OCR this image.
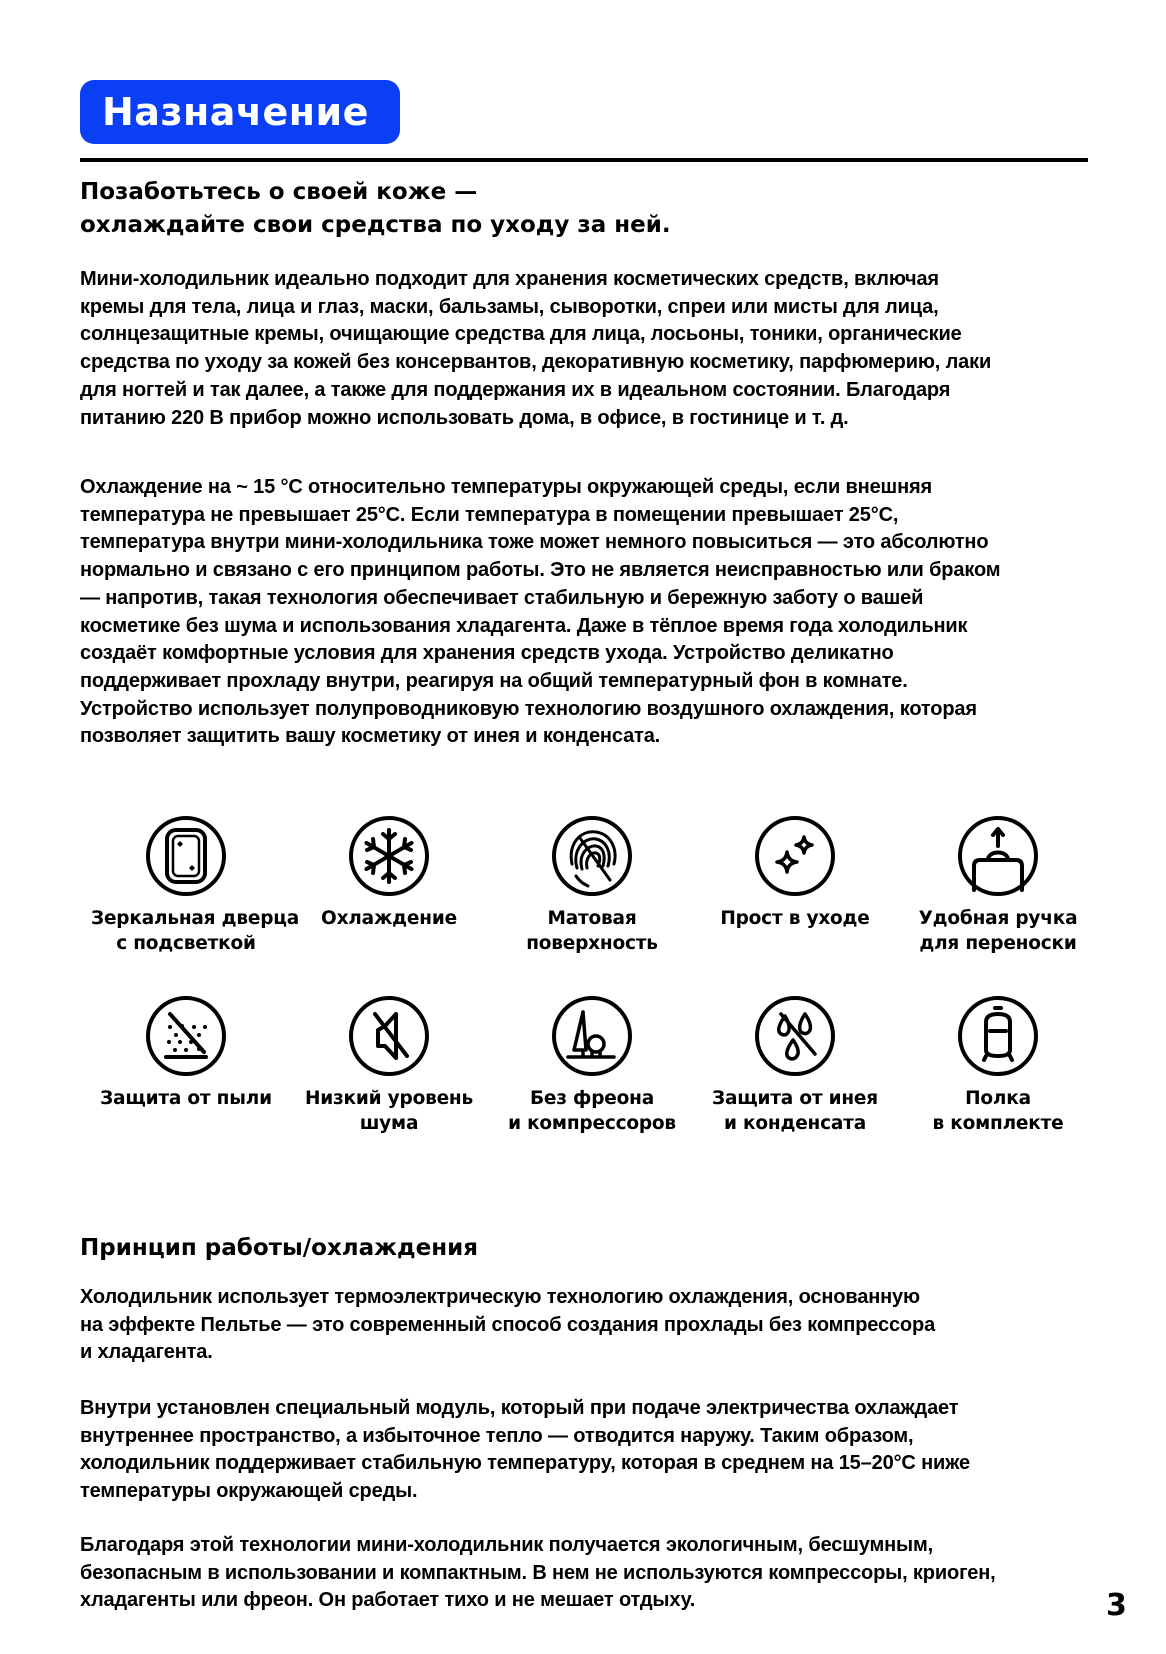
Назначение
Позаботьтесь о своей коже —
охлаждайте свои средства по уходу за ней.
Мини-холодильник идеально подходит для хранения косметических средств, включая
кремы для тела, лица и глаз, маски, бальзамы, сыворотки, спреи или мисты для лица,
солнцезащитные кремы, очищающие средства для лица, лосьоны, тоники, органические
средства по уходу за кожей без консервантов, декоративную косметику, парфюмерию, лаки
для ногтей и так далее, а также для поддержания их в идеальном состоянии. Благодаря
питанию 220 В прибор можно использовать дома, в офисе, в гостинице и т. д.
Охлаждение на ~ 15 °С относительно температуры окружающей среды, если внешняя
температура не превышает 25°С. Если температура в помещении превышает 25°С,
температура внутри мини-холодильника тоже может немного повыситься — это абсолютно
нормально и связано с его принципом работы. Это не является неисправностью или браком
— напротив, такая технология обеспечивает стабильную и бережную заботу о вашей
косметике без шума и использования хладагента. Даже в тёплое время года холодильник
создаёт комфортные условия для хранения средств ухода. Устройство деликатно
поддерживает прохладу внутри, реагируя на общий температурный фон в комнате.
Устройство использует полупроводниковую технологию воздушного охлаждения, которая
позволяет защитить вашу косметику от инея и конденсата.
Зеркальная дверца
с подсветкой
Охлаждение	Матовая
поверхность
Прост в уходе	Удобная ручка
для переноски
Защита от пыли	Низкий уровень
шума
Без фреона
и компрессоров
Защита от инея
и конденсата
Полка
в комплекте
Принцип работы/охлаждения
Холодильник использует термоэлектрическую технологию охлаждения, основанную
на эффекте Пельтье — это современный способ создания прохлады без компрессора
и хладагента.
Внутри установлен специальный модуль, который при подаче электричества охлаждает
внутреннее пространство, а избыточное тепло — отводится наружу. Таким образом,
холодильник поддерживает стабильную температуру, которая в среднем на 15–20°С ниже
температуры окружающей среды.
Благодаря этой технологии мини-холодильник получается экологичным, бесшумным,
безопасным в использовании и компактным. В нем не используются компрессоры, криоген,
хладагенты или фреон. Он работает тихо и не мешает отдыху.	3
